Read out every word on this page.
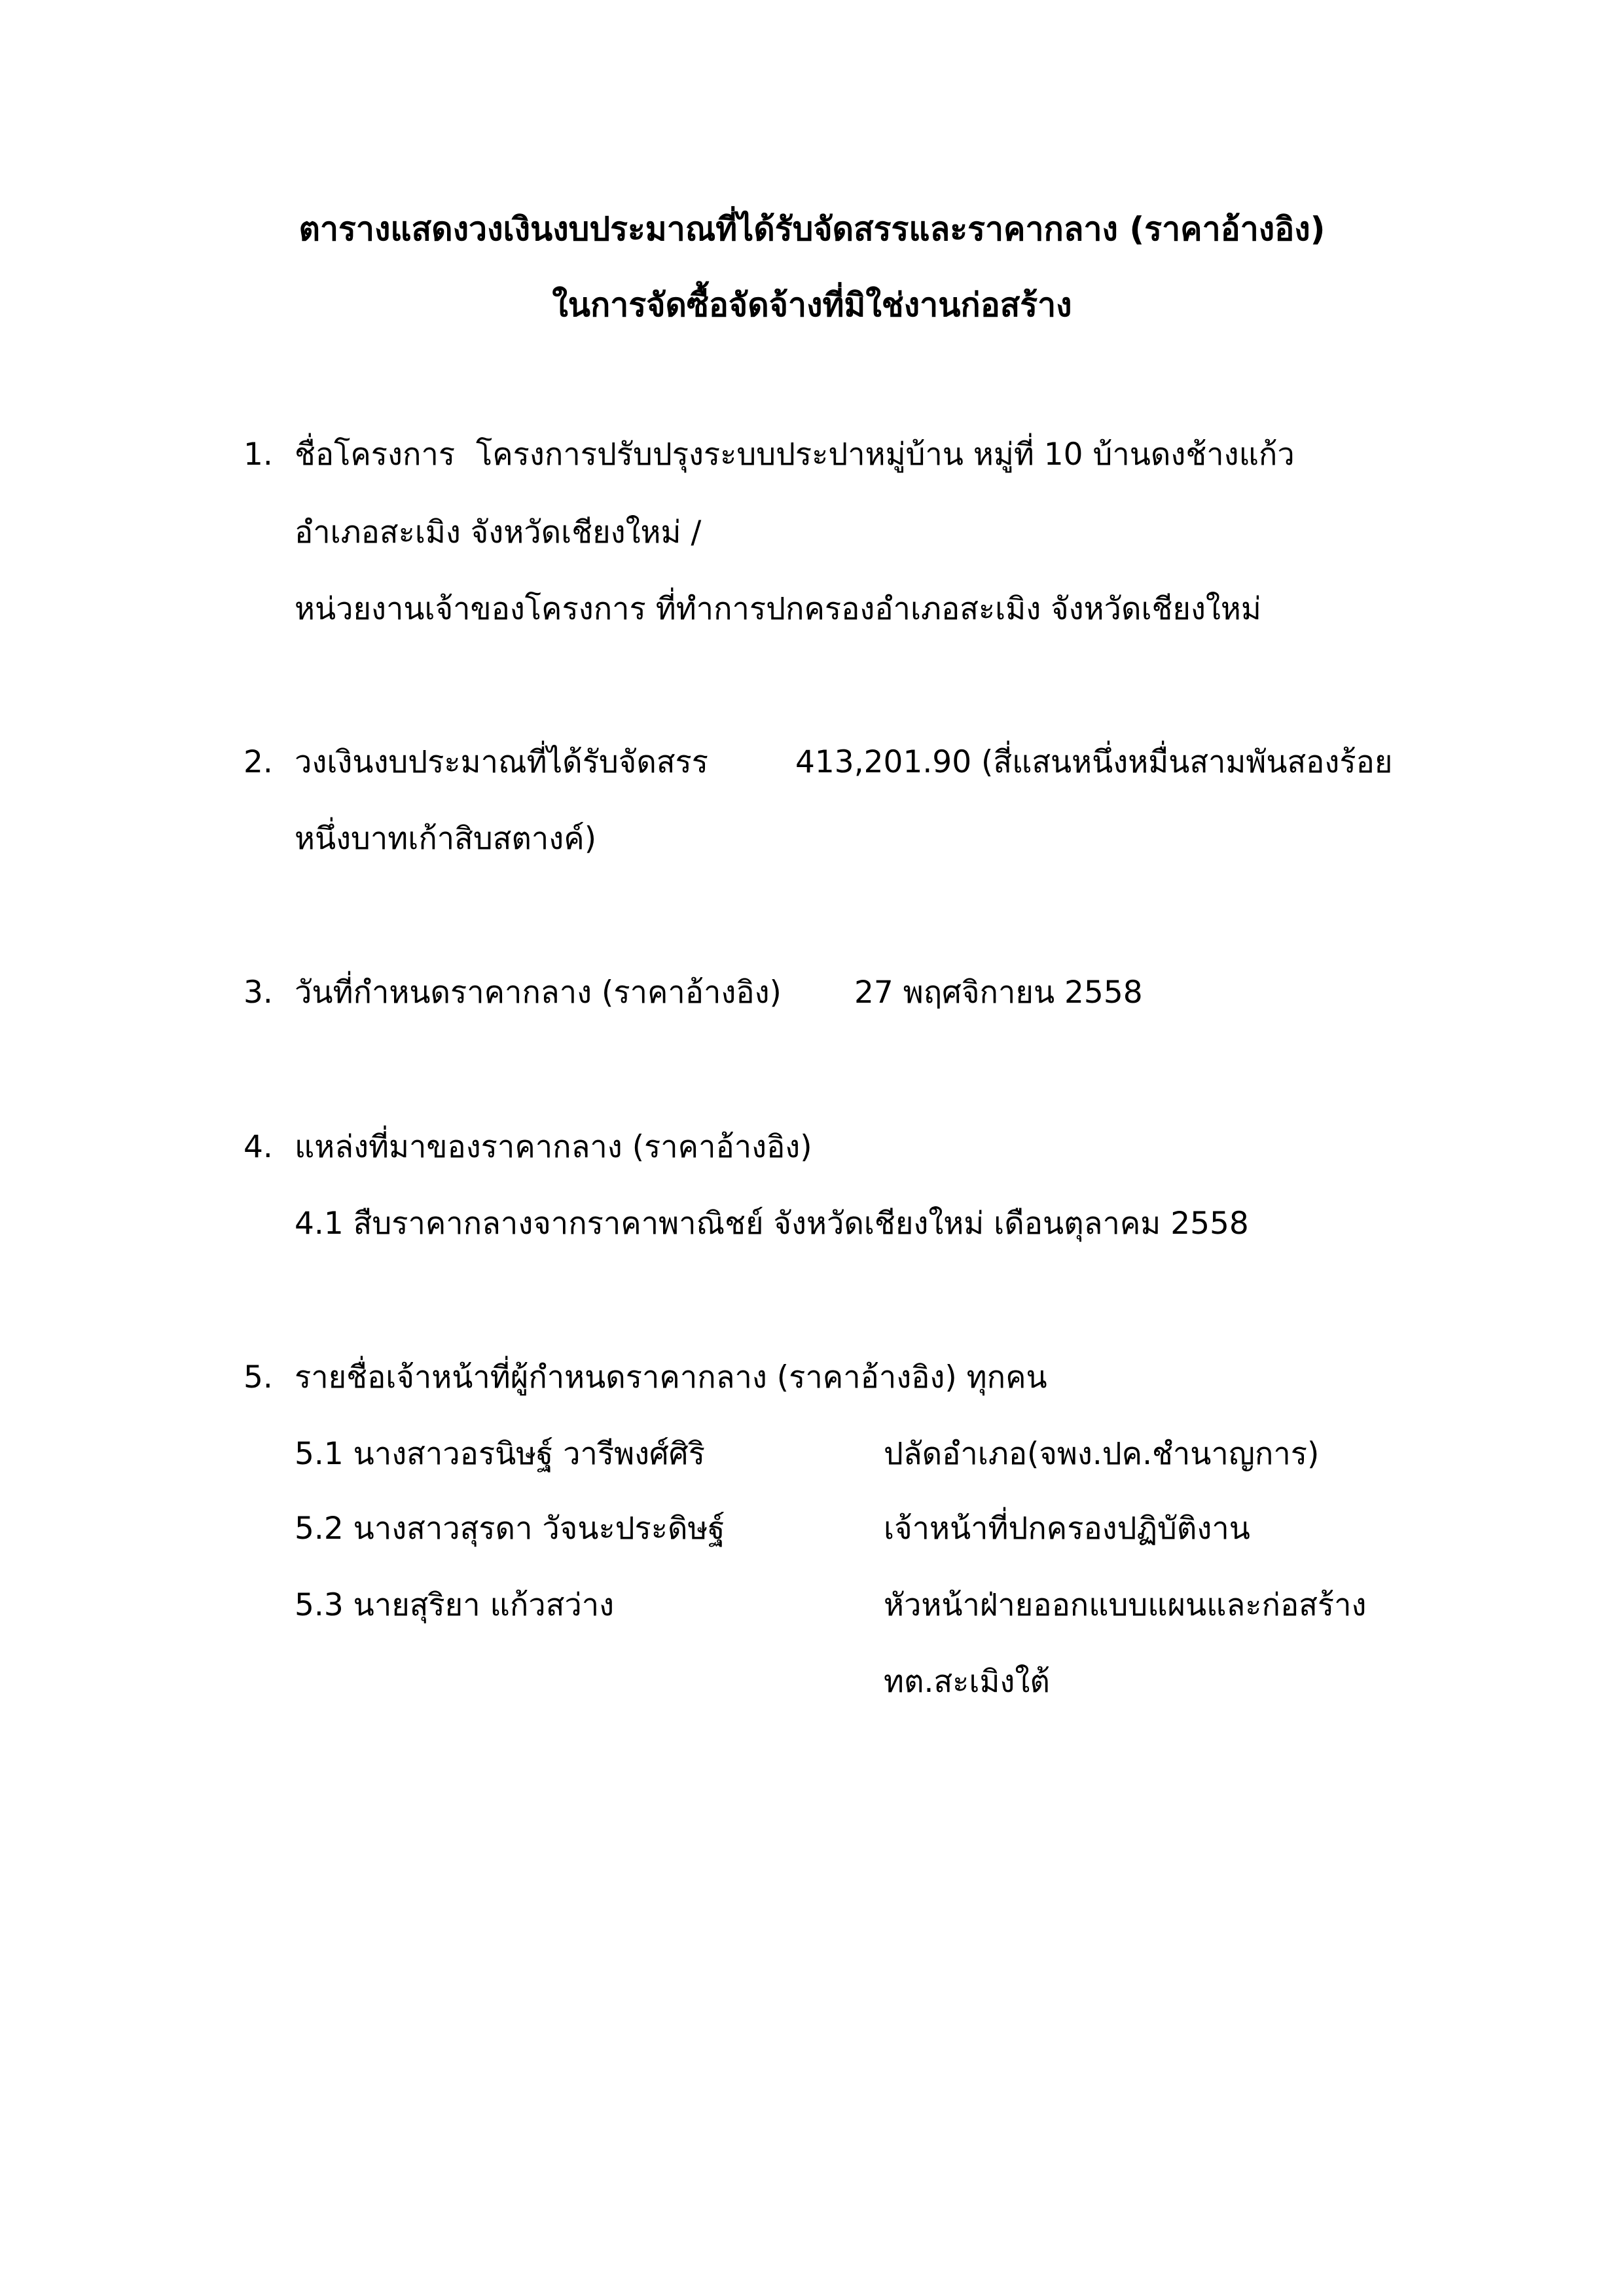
ตารางแสดงวงเงินงบประมาณที่ได้รับจัดสรรและราคากลาง (ราคาอ้างอิง)
ในการจัดซื้อจัดจ้างที่มิใช่งานก่อสร้าง
1. ชื่อโครงการ โครงการปรับปรุงระบบประปาหมู่บ้าน หมู่ที่ 10 บ้านดงช้างแก้ว
อำเภอสะเมิง จังหวัดเชียงใหม่ /
หน่วยงานเจ้าของโครงการ ที่ทำการปกครองอำเภอสะเมิง จังหวัดเชียงใหม่
2. วงเงินงบประมาณที่ได้รับจัดสรร	413,201.90 (สี่แสนหนึ่งหมื่นสามพันสองร้อย
หนึ่งบาทเก้าสิบสตางค์)
3. วันที่กำหนดราคากลาง (ราคาอ้างอิง) 27 พฤศจิกายน 2558
4. แหล่งที่มาของราคากลาง (ราคาอ้างอิง)
4.1 สืบราคากลางจากราคาพาณิชย์ จังหวัดเชียงใหม่ เดือนตุลาคม 2558
5. รายชื่อเจ้าหน้าที่ผู้กำหนดราคากลาง (ราคาอ้างอิง) ทุกคน
5.1 นางสาวอรนิษฐ์ วารีพงศ์ศิริ	ปลัดอำเภอ(จพง.ปค.ชำนาญการ)
5.2 นางสาวสุรดา วัจนะประดิษฐ์	เจ้าหน้าที่ปกครองปฏิบัติงาน
5.3 นายสุริยา แก้วสว่าง	หัวหน้าฝ่ายออกแบบแผนและก่อสร้าง
ทต.สะเมิงใต้
